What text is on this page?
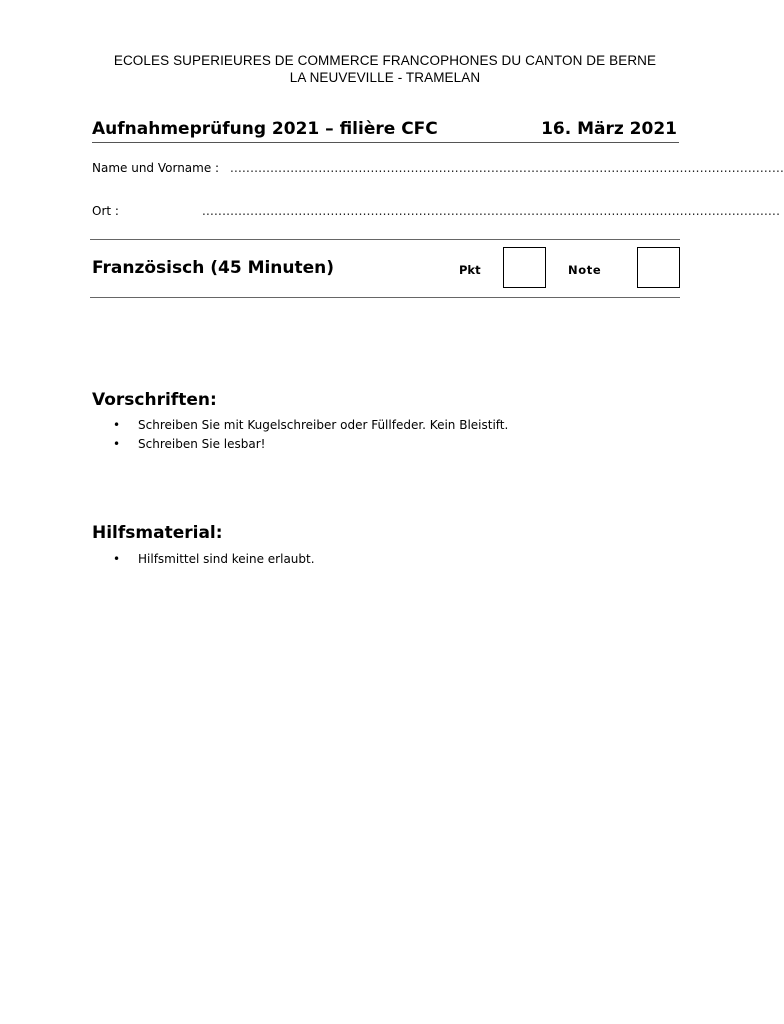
ECOLES SUPERIEURES DE COMMERCE FRANCOPHONES DU CANTON DE BERNE
LA NEUVEVILLE - TRAMELAN
Aufnahmeprüfung 2021 – filière CFC	16. März 2021
Name und Vorname : ..........................................................................................................................................
Ort :	................................................................................................................................................
Französisch (45 Minuten)	Pkt	Note
Vorschriften:
• Schreiben Sie mit Kugelschreiber oder Füllfeder. Kein Bleistift.
• Schreiben Sie lesbar!
Hilfsmaterial:
• Hilfsmittel sind keine erlaubt.
